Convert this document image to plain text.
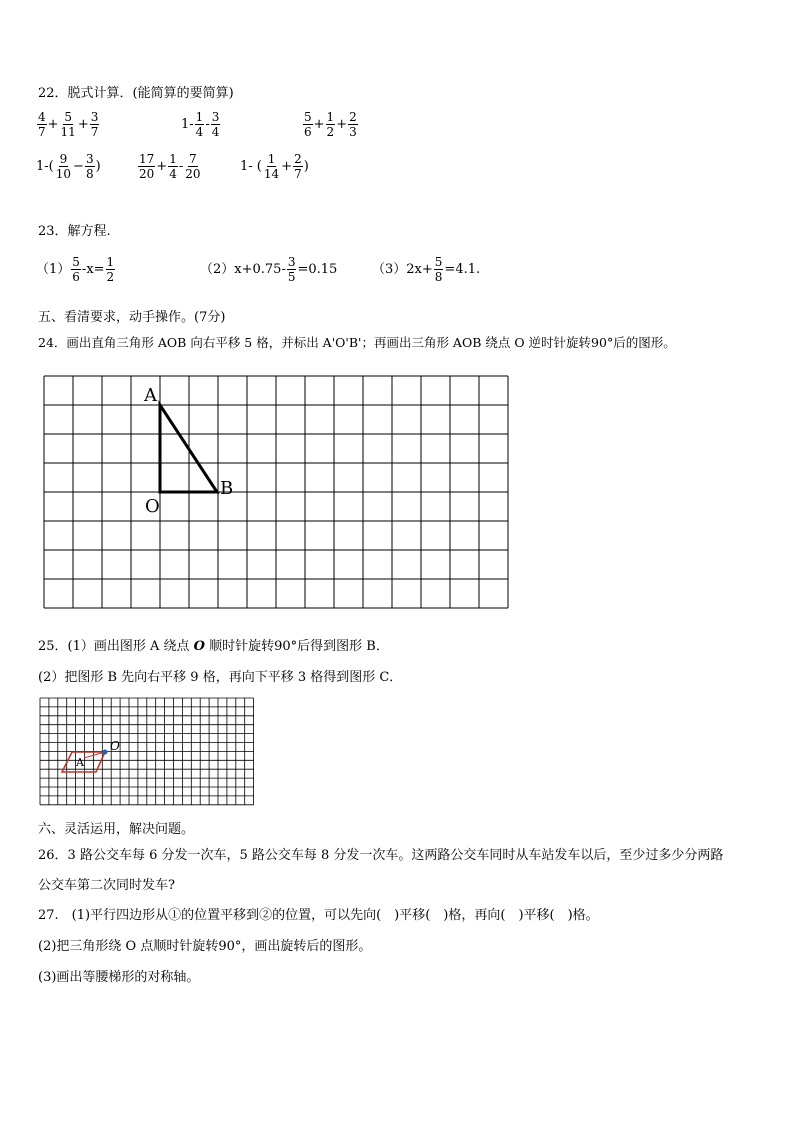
22．脱式计算．(能简算的要简算)
$\frac{4}{7} + \frac{5}{11} + \frac{3}{7}$	$1- \frac{1}{4} - \frac{3}{4}$	$\frac{5}{6} + \frac{1}{2} + \frac{2}{3}$
$1-( \frac{9}{10} - \frac{3}{8}$ )	$\frac{17}{20} + \frac{1}{4} - \frac{7}{20}$	1- ( $\frac{1}{14} + \frac{2}{7}$ )
23．解方程.
$(1) \frac{5}{6} -x= \frac{1}{2}$	$(2)x+0.75- \frac{3}{5} =0.15$	$(3)2x+ \frac{5}{8} =4.1$.
五、看清要求，动手操作。(7分)
24．画出直角三角形 AOB 向右平移 5 格，并标出 A'O'B'；再画出三角形 AOB 绕点 O 逆时针旋转90°后的图形。
A
B
O
25．(1）画出图形 A 绕点 O 顺时针旋转90°后得到图形 B．
(2）把图形 B 先向右平移 9 格，再向下平移 3 格得到图形 C．
A
O
六、灵活运用，解决问题。
26．3 路公交车每 6 分发一次车，5 路公交车每 8 分发一次车。这两路公交车同时从车站发车以后，至少过多少分两路
公交车第二次同时发车?
27.　(1)平行四边形从①的位置平移到②的位置，可以先向(　)平移(　)格，再向(　)平移(　)格。
(2)把三角形绕 O 点顺时针旋转90°，画出旋转后的图形。
(3)画出等腰梯形的对称轴。
